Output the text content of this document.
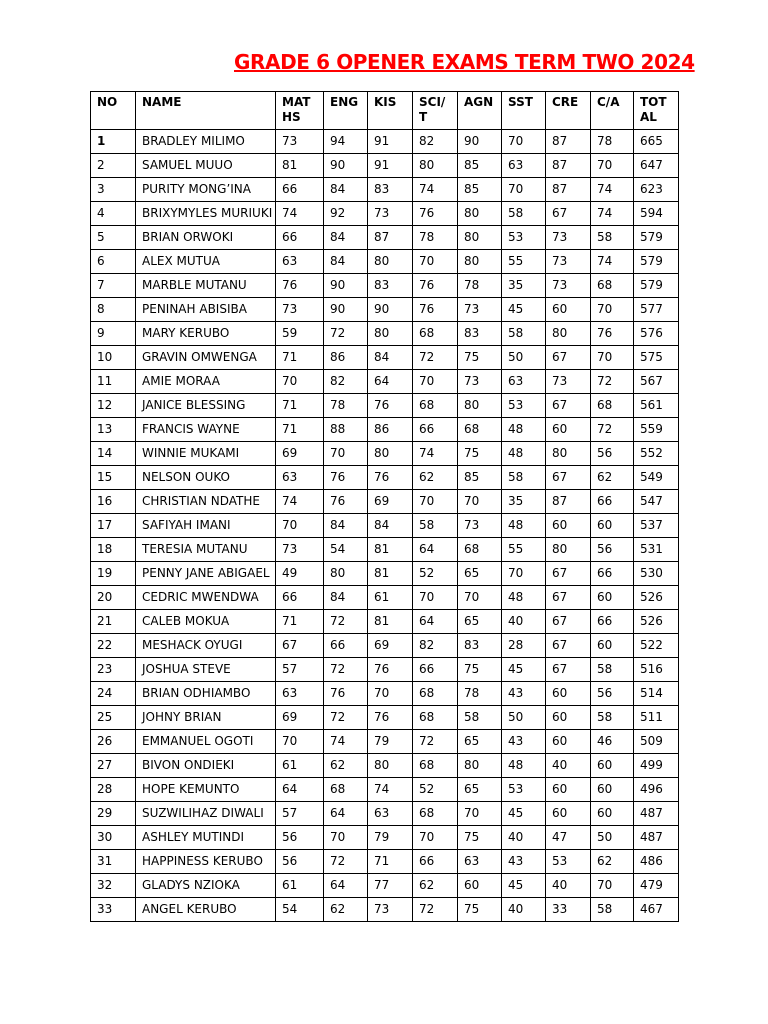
GRADE 6 OPENER EXAMS TERM TWO 2024
NO	NAME	MAT HS	ENG	KIS	SCI/T	AGN	SST	CRE	C/A	TOT AL
1	BRADLEY MILIMO	73	94	91	82	90	70	87	78	665
2	SAMUEL MUUO	81	90	91	80	85	63	87	70	647
3	PURITY MONG’INA	66	84	83	74	85	70	87	74	623
4	BRIXYMYLES MURIUKI	74	92	73	76	80	58	67	74	594
5	BRIAN ORWOKI	66	84	87	78	80	53	73	58	579
6	ALEX MUTUA	63	84	80	70	80	55	73	74	579
7	MARBLE MUTANU	76	90	83	76	78	35	73	68	579
8	PENINAH ABISIBA	73	90	90	76	73	45	60	70	577
9	MARY KERUBO	59	72	80	68	83	58	80	76	576
10	GRAVIN OMWENGA	71	86	84	72	75	50	67	70	575
11	AMIE MORAA	70	82	64	70	73	63	73	72	567
12	JANICE BLESSING	71	78	76	68	80	53	67	68	561
13	FRANCIS WAYNE	71	88	86	66	68	48	60	72	559
14	WINNIE MUKAMI	69	70	80	74	75	48	80	56	552
15	NELSON OUKO	63	76	76	62	85	58	67	62	549
16	CHRISTIAN NDATHE	74	76	69	70	70	35	87	66	547
17	SAFIYAH IMANI	70	84	84	58	73	48	60	60	537
18	TERESIA MUTANU	73	54	81	64	68	55	80	56	531
19	PENNY JANE ABIGAEL	49	80	81	52	65	70	67	66	530
20	CEDRIC MWENDWA	66	84	61	70	70	48	67	60	526
21	CALEB MOKUA	71	72	81	64	65	40	67	66	526
22	MESHACK OYUGI	67	66	69	82	83	28	67	60	522
23	JOSHUA STEVE	57	72	76	66	75	45	67	58	516
24	BRIAN ODHIAMBO	63	76	70	68	78	43	60	56	514
25	JOHNY BRIAN	69	72	76	68	58	50	60	58	511
26	EMMANUEL OGOTI	70	74	79	72	65	43	60	46	509
27	BIVON ONDIEKI	61	62	80	68	80	48	40	60	499
28	HOPE KEMUNTO	64	68	74	52	65	53	60	60	496
29	SUZWILIHAZ DIWALI	57	64	63	68	70	45	60	60	487
30	ASHLEY MUTINDI	56	70	79	70	75	40	47	50	487
31	HAPPINESS KERUBO	56	72	71	66	63	43	53	62	486
32	GLADYS NZIOKA	61	64	77	62	60	45	40	70	479
33	ANGEL KERUBO	54	62	73	72	75	40	33	58	467
